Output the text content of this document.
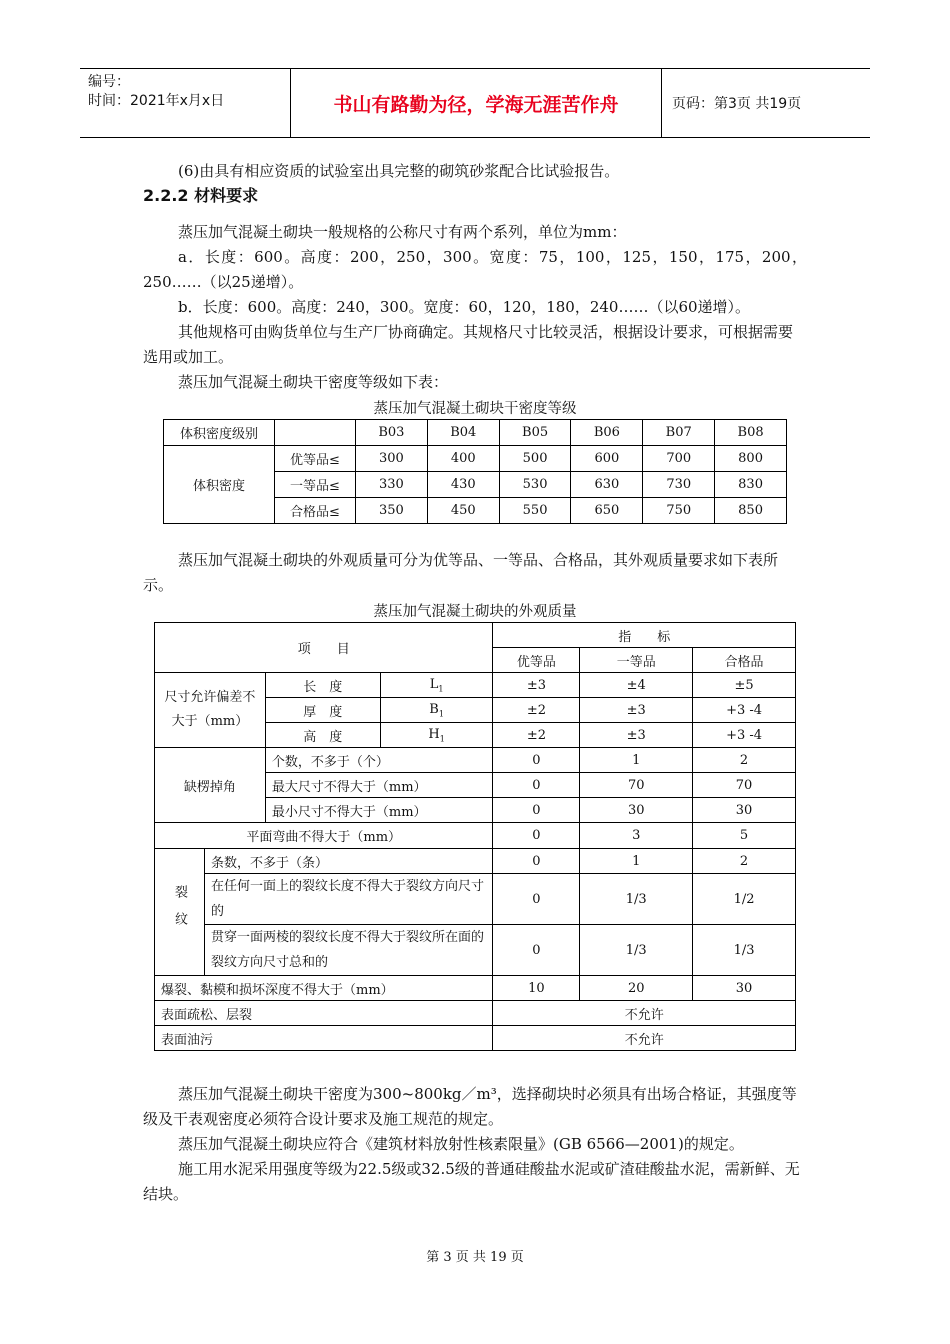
编号：
时间：2021年x月x日	书山有路勤为径，学海无涯苦作舟	页码：第3页 共19页
(6)由具有相应资质的试验室出具完整的砌筑砂浆配合比试验报告。
2.2.2 材料要求
蒸压加气混凝土砌块一般规格的公称尺寸有两个系列，单位为mm：
a．长度：600。高度：200，250，300。宽度：75，100，125，150，175，200，250……（以25递增）。
b．长度：600。高度：240，300。宽度：60，120，180，240……（以60递增）。
其他规格可由购货单位与生产厂协商确定。其规格尺寸比较灵活，根据设计要求，可根据需要选用或加工。
蒸压加气混凝土砌块干密度等级如下表：
蒸压加气混凝土砌块干密度等级
体积密度级别		B03	B04	B05	B06	B07	B08
体积密度	优等品≤	300	400	500	600	700	800
	一等品≤	330	430	530	630	730	830
	合格品≤	350	450	550	650	750	850
蒸压加气混凝土砌块的外观质量可分为优等品、一等品、合格品，其外观质量要求如下表所示。
蒸压加气混凝土砌块的外观质量
项　　目				指　　标		
				优等品	一等品	合格品
尺寸允许偏差不大于（mm）		长　度	$L_1$	±3	±4	±5
		厚　度	$B_1$	±2	±3	+3 -4
		高　度	$H_1$	±2	±3	+3 -4
缺楞掉角		个数，不多于（个）		0	1	2
		最大尺寸不得大于（mm）		0	70	70
		最小尺寸不得大于（mm）		0	30	30
平面弯曲不得大于（mm）				0	3	5
裂纹	条数，不多于（条）			0	1	2
	在任何一面上的裂纹长度不得大于裂纹方向尺寸的			0	1/3	1/2
	贯穿一面两棱的裂纹长度不得大于裂纹所在面的裂纹方向尺寸总和的			0	1/3	1/3
爆裂、黏模和损坏深度不得大于（mm）				10	20	30
表面疏松、层裂				不允许		
表面油污				不允许		
蒸压加气混凝土砌块干密度为300~800kg／m³，选择砌块时必须具有出场合格证，其强度等级及干表观密度必须符合设计要求及施工规范的规定。
蒸压加气混凝土砌块应符合《建筑材料放射性核素限量》(GB 6566—2001)的规定。
施工用水泥采用强度等级为22.5级或32.5级的普通硅酸盐水泥或矿渣硅酸盐水泥，需新鲜、无结块。
第 3 页 共 19 页
